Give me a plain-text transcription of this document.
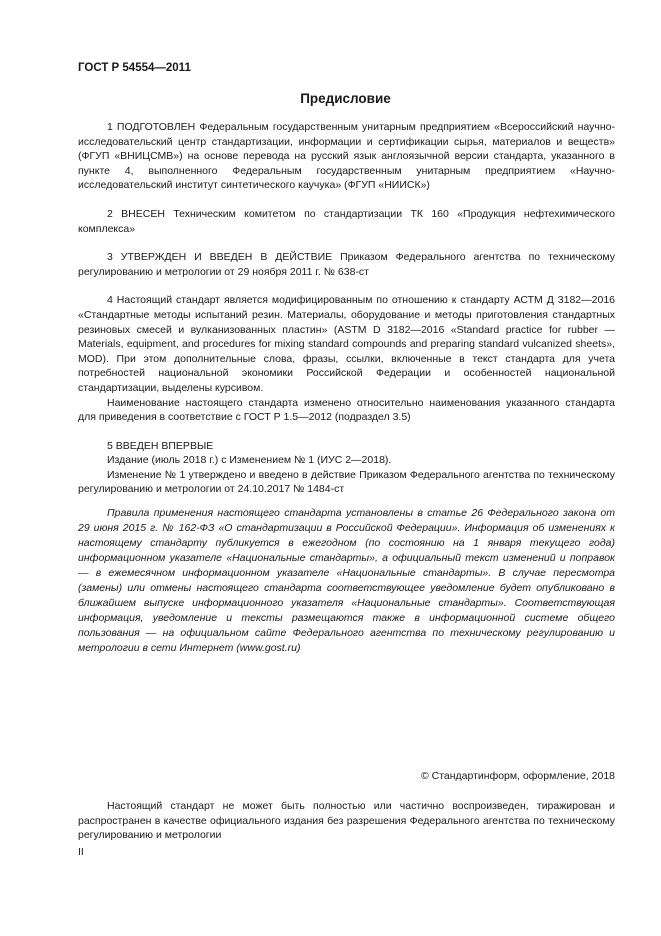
ГОСТ Р 54554—2011
Предисловие

1 ПОДГОТОВЛЕН Федеральным государственным унитарным предприятием «Всероссийский научно-исследовательский центр стандартизации, информации и сертификации сырья, материалов и веществ» (ФГУП «ВНИЦСМВ») на основе перевода на русский язык англоязычной версии стандарта, указанного в пункте 4, выполненного Федеральным государственным унитарным предприятием «Научно-исследовательский институт синтетического каучука» (ФГУП «НИИСК»)

2 ВНЕСЕН Техническим комитетом по стандартизации ТК 160 «Продукция нефтехимического комплекса»

3 УТВЕРЖДЕН И ВВЕДЕН В ДЕЙСТВИЕ Приказом Федерального агентства по техническому регулированию и метрологии от 29 ноября 2011 г. № 638-ст

4 Настоящий стандарт является модифицированным по отношению к стандарту АСТМ Д 3182—2016 «Стандартные методы испытаний резин. Материалы, оборудование и методы приготовления стандартных резиновых смесей и вулканизованных пластин» (ASTM D 3182—2016 «Standard practice for rubber — Materials, equipment, and procedures for mixing standard compounds and preparing standard vulcanized sheets», MOD). При этом дополнительные слова, фразы, ссылки, включенные в текст стандарта для учета потребностей национальной экономики Российской Федерации и особенностей национальной стандартизации, выделены курсивом.

Наименование настоящего стандарта изменено относительно наименования указанного стандарта для приведения в соответствие с ГОСТ Р 1.5—2012 (подраздел 3.5)

5 ВВЕДЕН ВПЕРВЫЕ

Издание (июль 2018 г.) с Изменением № 1 (ИУС 2—2018).

Изменение № 1 утверждено и введено в действие Приказом Федерального агентства по техническому регулированию и метрологии от 24.10.2017 № 1484-ст

Правила применения настоящего стандарта установлены в статье 26 Федерального закона от 29 июня 2015 г. № 162-ФЗ «О стандартизации в Российской Федерации». Информация об изменениях к настоящему стандарту публикуется в ежегодном (по состоянию на 1 января текущего года) информационном указателе «Национальные стандарты», а официальный текст изменений и поправок — в ежемесячном информационном указателе «Национальные стандарты». В случае пересмотра (замены) или отмены настоящего стандарта соответствующее уведомление будет опубликовано в ближайшем выпуске информационного указателя «Национальные стандарты». Соответствующая информация, уведомление и тексты размещаются также в информационной системе общего пользования — на официальном сайте Федерального агентства по техническому регулированию и метрологии в сети Интернет (www.gost.ru)
© Стандартинформ, оформление, 2018
Настоящий стандарт не может быть полностью или частично воспроизведен, тиражирован и распространен в качестве официального издания без разрешения Федерального агентства по техническому регулированию и метрологии
II
